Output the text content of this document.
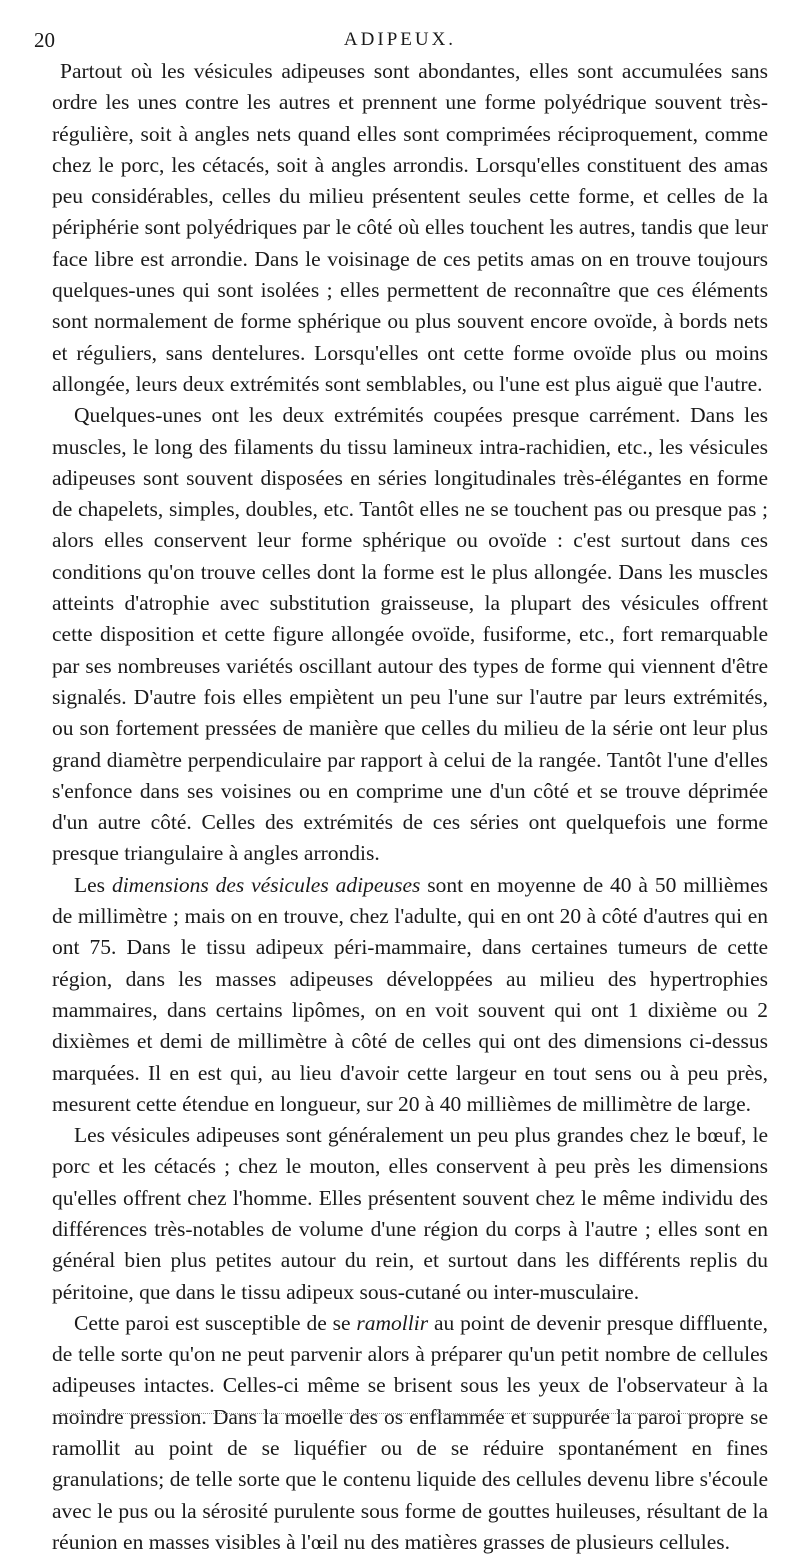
20	ADIPEUX.

Partout où les vésicules adipeuses sont abondantes, elles sont accumulées sans ordre les unes contre les autres et prennent une forme polyédrique souvent très-régulière, soit à angles nets quand elles sont comprimées réciproquement, comme chez le porc, les cétacés, soit à angles arrondis. Lorsqu'elles constituent des amas peu considérables, celles du milieu présentent seules cette forme, et celles de la périphérie sont polyédriques par le côté où elles touchent les autres, tandis que leur face libre est arrondie. Dans le voisinage de ces petits amas on en trouve toujours quelques-unes qui sont isolées ; elles permettent de reconnaître que ces éléments sont normalement de forme sphérique ou plus souvent encore ovoïde, à bords nets et réguliers, sans dentelures. Lorsqu'elles ont cette forme ovoïde plus ou moins allongée, leurs deux extrémités sont semblables, ou l'une est plus aiguë que l'autre.

Quelques-unes ont les deux extrémités coupées presque carrément. Dans les muscles, le long des filaments du tissu lamineux intra-rachidien, etc., les vésicules adipeuses sont souvent disposées en séries longitudinales très-élégantes en forme de chapelets, simples, doubles, etc. Tantôt elles ne se touchent pas ou presque pas ; alors elles conservent leur forme sphérique ou ovoïde : c'est surtout dans ces conditions qu'on trouve celles dont la forme est le plus allongée. Dans les muscles atteints d'atrophie avec substitution graisseuse, la plupart des vésicules offrent cette disposition et cette figure allongée ovoïde, fusiforme, etc., fort remarquable par ses nombreuses variétés oscillant autour des types de forme qui viennent d'être signalés. D'autre fois elles empiètent un peu l'une sur l'autre par leurs extrémités, ou son fortement pressées de manière que celles du milieu de la série ont leur plus grand diamètre perpendiculaire par rapport à celui de la rangée. Tantôt l'une d'elles s'enfonce dans ses voisines ou en comprime une d'un côté et se trouve déprimée d'un autre côté. Celles des extrémités de ces séries ont quelquefois une forme presque triangulaire à angles arrondis.

Les dimensions des vésicules adipeuses sont en moyenne de 40 à 50 millièmes de millimètre ; mais on en trouve, chez l'adulte, qui en ont 20 à côté d'autres qui en ont 75. Dans le tissu adipeux péri-mammaire, dans certaines tumeurs de cette région, dans les masses adipeuses développées au milieu des hypertrophies mammaires, dans certains lipômes, on en voit souvent qui ont 1 dixième ou 2 dixièmes et demi de millimètre à côté de celles qui ont des dimensions ci-dessus marquées. Il en est qui, au lieu d'avoir cette largeur en tout sens ou à peu près, mesurent cette étendue en longueur, sur 20 à 40 millièmes de millimètre de large.

Les vésicules adipeuses sont généralement un peu plus grandes chez le bœuf, le porc et les cétacés ; chez le mouton, elles conservent à peu près les dimensions qu'elles offrent chez l'homme. Elles présentent souvent chez le même individu des différences très-notables de volume d'une région du corps à l'autre ; elles sont en général bien plus petites autour du rein, et surtout dans les différents replis du péritoine, que dans le tissu adipeux sous-cutané ou inter-musculaire.

Cette paroi est susceptible de se ramollir au point de devenir presque diffluente, de telle sorte qu'on ne peut parvenir alors à préparer qu'un petit nombre de cellules adipeuses intactes. Celles-ci même se brisent sous les yeux de l'observateur à la moindre pression. Dans la moelle des os enflammée et suppurée la paroi propre se ramollit au point de se liquéfier ou de se réduire spontanément en fines granulations; de telle sorte que le contenu liquide des cellules devenu libre s'écoule avec le pus ou la sérosité purulente sous forme de gouttes huileuses, résultant de la réunion en masses visibles à l'œil nu des matières grasses de plusieurs cellules.
